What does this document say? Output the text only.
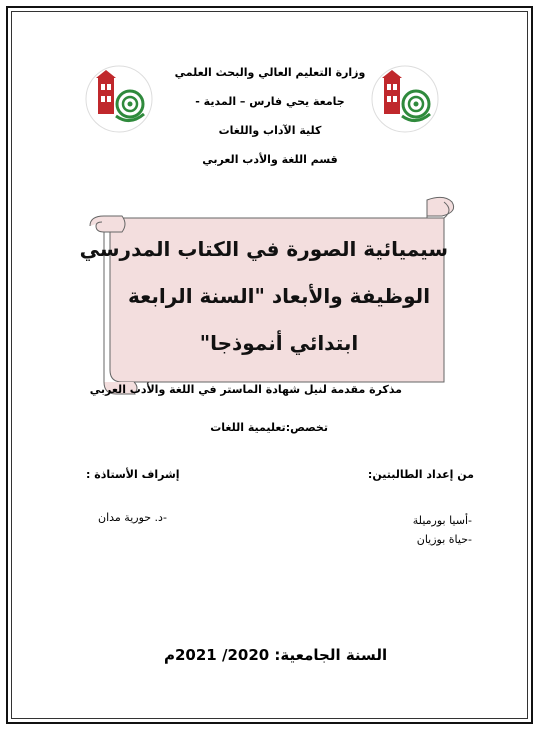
وزارة التعليم العالي والبحث العلمي
جامعة يحي فارس – المدية -
كلية الآداب واللغات
قسم اللغة والأدب العربي
سيميائية الصورة في الكتاب المدرسي
الوظيفة والأبعاد "السنة الرابعة
ابتدائي أنموذجا"
مذكرة مقدمة لنيل شهادة الماستر في اللغة والأدب العربي
تخصص:تعليمية اللغات
من إعداد الطالبتين:
-أسيا بورميلة
-حياة بوزيان
إشراف الأستاذة :
-د. حورية مدان
السنة الجامعية: 2020/ 2021م
